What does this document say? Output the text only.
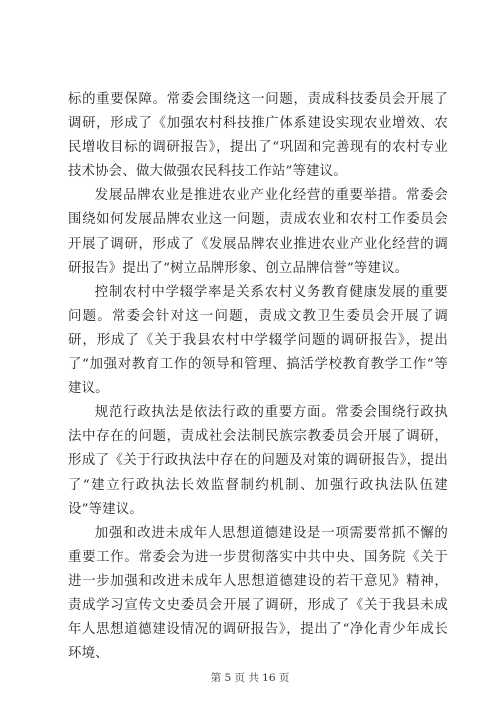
标的重要保障。常委会围绕这一问题，责成科技委员会开展了调研，形成了《加强农村科技推广体系建设实现农业增效、农民增收目标的调研报告》，提出了“巩固和完善现有的农村专业技术协会、做大做强农民科技工作站”等建议。

发展品牌农业是推进农业产业化经营的重要举措。常委会围绕如何发展品牌农业这一问题，责成农业和农村工作委员会开展了调研，形成了《发展品牌农业推进农业产业化经营的调研报告》提出了“树立品牌形象、创立品牌信誉”等建议。

控制农村中学辍学率是关系农村义务教育健康发展的重要问题。常委会针对这一问题，责成文教卫生委员会开展了调研，形成了《关于我县农村中学辍学问题的调研报告》，提出了“加强对教育工作的领导和管理、搞活学校教育教学工作”等建议。

规范行政执法是依法行政的重要方面。常委会围绕行政执法中存在的问题，责成社会法制民族宗教委员会开展了调研，形成了《关于行政执法中存在的问题及对策的调研报告》，提出了“建立行政执法长效监督制约机制、加强行政执法队伍建设”等建议。

加强和改进未成年人思想道德建设是一项需要常抓不懈的重要工作。常委会为进一步贯彻落实中共中央、国务院《关于进一步加强和改进未成年人思想道德建设的若干意见》精神，责成学习宣传文史委员会开展了调研，形成了《关于我县未成年人思想道德建设情况的调研报告》，提出了“净化青少年成长环境、

第 5 页 共 16 页
